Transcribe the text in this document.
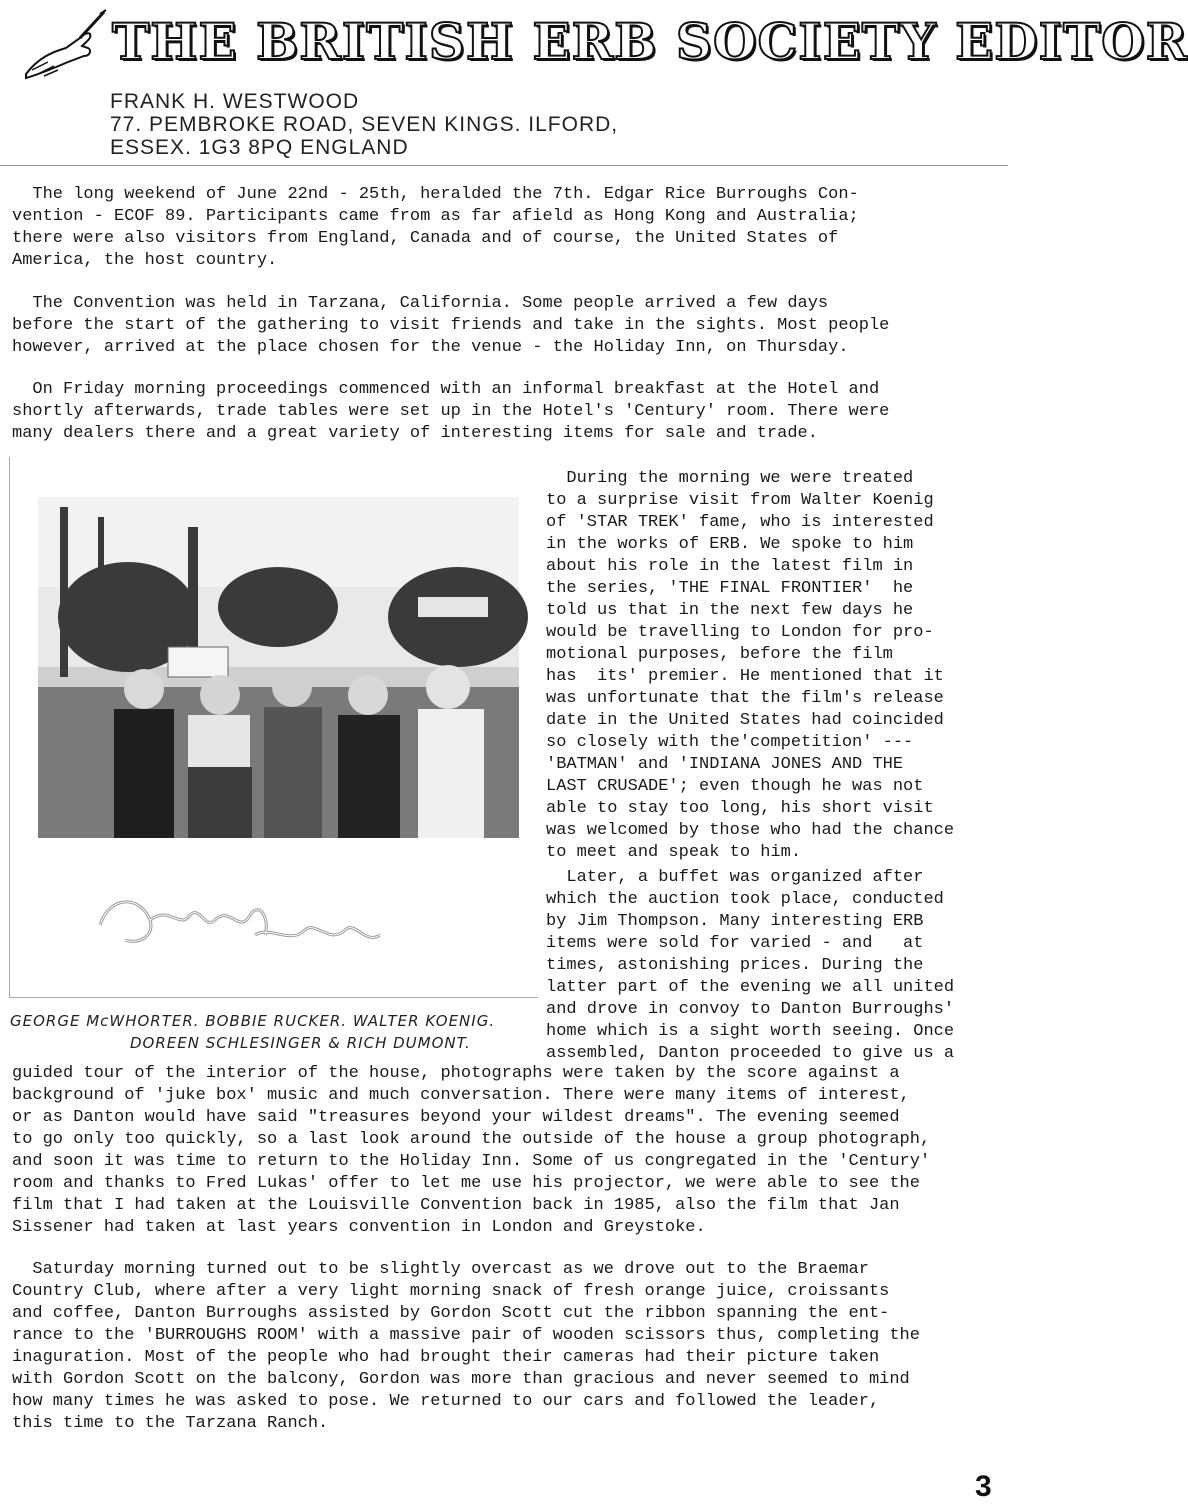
THE BRITISH ERB SOCIETY EDITOR
FRANK H. WESTWOOD
77. PEMBROKE ROAD, SEVEN KINGS. ILFORD,
ESSEX. 1G3 8PQ ENGLAND

The long weekend of June 22nd - 25th, heralded the 7th. Edgar Rice Burroughs Con-
vention - ECOF 89. Participants came from as far afield as Hong Kong and Australia;
there were also visitors from England, Canada and of course, the United States of
America, the host country.

The Convention was held in Tarzana, California. Some people arrived a few days
before the start of the gathering to visit friends and take in the sights. Most people
however, arrived at the place chosen for the venue - the Holiday Inn, on Thursday.

On Friday morning proceedings commenced with an informal breakfast at the Hotel and
shortly afterwards, trade tables were set up in the Hotel's 'Century' room. There were
many dealers there and a great variety of interesting items for sale and trade.

GEORGE McWHORTER. BOBBIE RUCKER. WALTER KOENIG.
DOREEN SCHLESINGER & RICH DUMONT.

During the morning we were treated
to a surprise visit from Walter Koenig
of 'STAR TREK' fame, who is interested
in the works of ERB. We spoke to him
about his role in the latest film in
the series, 'THE FINAL FRONTIER'  he
told us that in the next few days he
would be travelling to London for pro-
motional purposes, before the film
has  its' premier. He mentioned that it
was unfortunate that the film's release
date in the United States had coincided
so closely with the'competition' ---
'BATMAN' and 'INDIANA JONES AND THE
LAST CRUSADE'; even though he was not
able to stay too long, his short visit
was welcomed by those who had the chance
to meet and speak to him.

Later, a buffet was organized after
which the auction took place, conducted
by Jim Thompson. Many interesting ERB
items were sold for varied - and   at
times, astonishing prices. During the
latter part of the evening we all united
and drove in convoy to Danton Burroughs'
home which is a sight worth seeing. Once
assembled, Danton proceeded to give us a

guided tour of the interior of the house, photographs were taken by the score against a
background of 'juke box' music and much conversation. There were many items of interest,
or as Danton would have said "treasures beyond your wildest dreams". The evening seemed
to go only too quickly, so a last look around the outside of the house a group photograph,
and soon it was time to return to the Holiday Inn. Some of us congregated in the 'Century'
room and thanks to Fred Lukas' offer to let me use his projector, we were able to see the
film that I had taken at the Louisville Convention back in 1985, also the film that Jan
Sissener had taken at last years convention in London and Greystoke.

Saturday morning turned out to be slightly overcast as we drove out to the Braemar
Country Club, where after a very light morning snack of fresh orange juice, croissants
and coffee, Danton Burroughs assisted by Gordon Scott cut the ribbon spanning the ent-
rance to the 'BURROUGHS ROOM' with a massive pair of wooden scissors thus, completing the
inaguration. Most of the people who had brought their cameras had their picture taken
with Gordon Scott on the balcony, Gordon was more than gracious and never seemed to mind
how many times he was asked to pose. We returned to our cars and followed the leader,
this time to the Tarzana Ranch.

3
